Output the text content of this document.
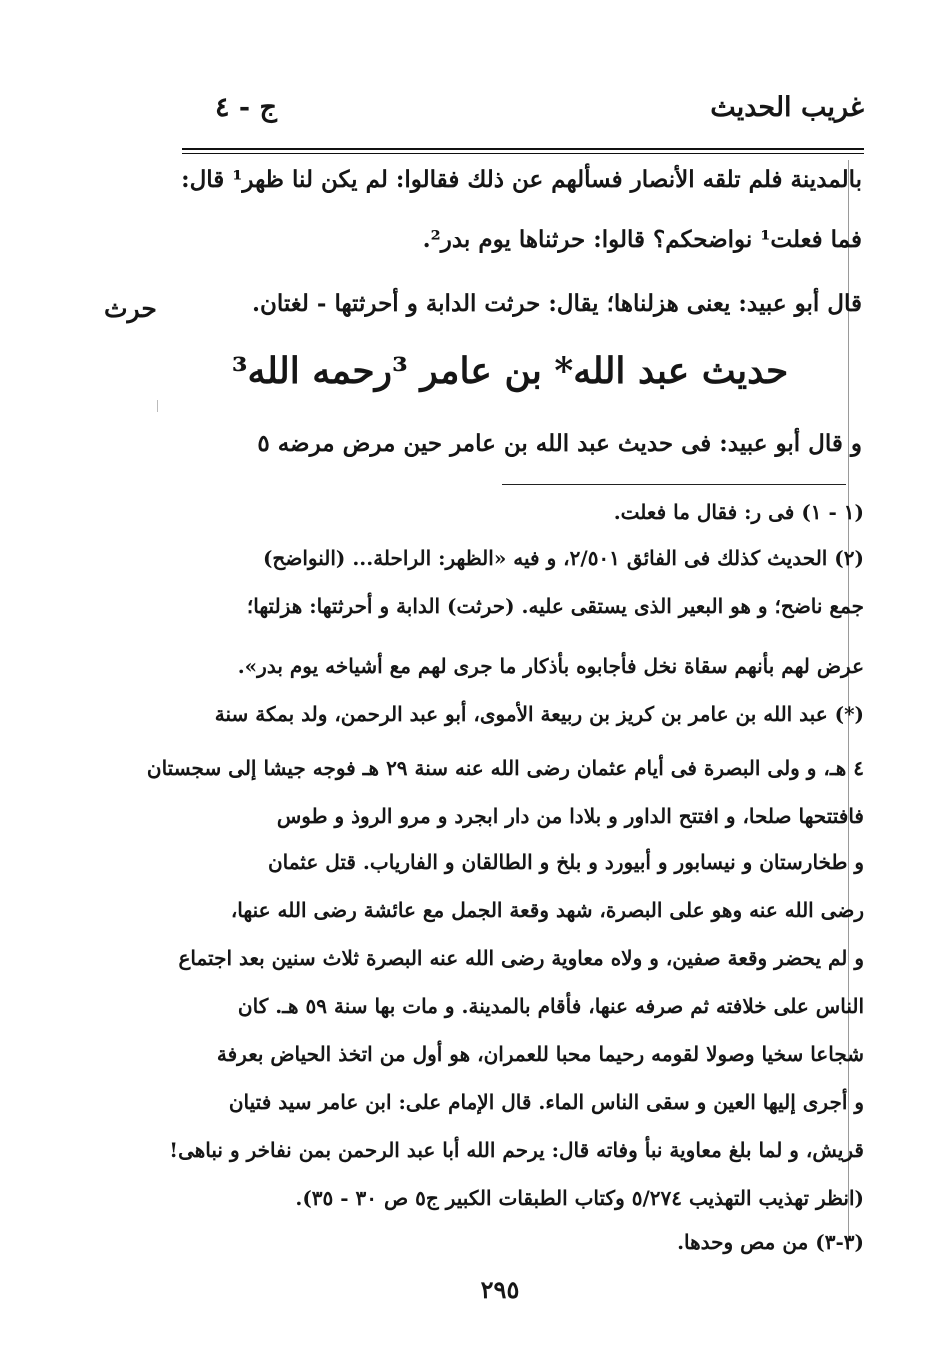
غريب الحديث
ج - ٤
بالمدينة فلم تلقه الأنصار فسألهم عن ذلك فقالوا: لم يكن لنا ظهر¹ قال:
فما فعلت¹ نواضحكم؟ قالوا: حرثناها يوم بدر².
قال أبو عبيد: يعنى هزلناها؛ يقال: حرثت الدابة و أحرثتها - لغتان.
حرث
حديث عبد الله* بن عامر ³رحمه الله³
و قال أبو عبيد: فى حديث عبد الله بن عامر حين مرض مرضه ٥
(١ - ١) فى ر: فقال ما فعلت.
(٢) الحديث كذلك فى الفائق ٢/٥٠١، و فيه «الظهر: الراحلة... (النواضح)
جمع ناضح؛ و هو البعير الذى يستقى عليه. (حرثت) الدابة و أحرثتها: هزلتها؛
عرض لهم بأنهم سقاة نخل فأجابوه بأذكار ما جرى لهم مع أشياخه يوم بدر».
(*) عبد الله بن عامر بن كريز بن ربيعة الأموى، أبو عبد الرحمن، ولد بمكة سنة
٤ هـ، و ولى البصرة فى أيام عثمان رضى الله عنه سنة ٢٩ هـ فوجه جيشا إلى سجستان
فافتتحها صلحا، و افتتح الداور و بلادا من دار ابجرد و مرو الروذ و طوس
و طخارستان و نيسابور و أبيورد و بلخ و الطالقان و الفارياب. قتل عثمان
رضى الله عنه وهو على البصرة، شهد وقعة الجمل مع عائشة رضى الله عنها،
و لم يحضر وقعة صفين، و ولاه معاوية رضى الله عنه البصرة ثلاث سنين بعد اجتماع
الناس على خلافته ثم صرفه عنها، فأقام بالمدينة. و مات بها سنة ٥٩ هـ. كان
شجاعا سخيا وصولا لقومه رحيما محبا للعمران، هو أول من اتخذ الحياض بعرفة
و أجرى إليها العين و سقى الناس الماء. قال الإمام على: ابن عامر سيد فتيان
قريش، و لما بلغ معاوية نبأ وفاته قال: يرحم الله أبا عبد الرحمن بمن نفاخر و نباهى!
(انظر تهذيب التهذيب ٥/٢٧٤ وكتاب الطبقات الكبير ج٥ ص ٣٠ - ٣٥).
(٣-٣) من مص وحدها.
٢٩٥
